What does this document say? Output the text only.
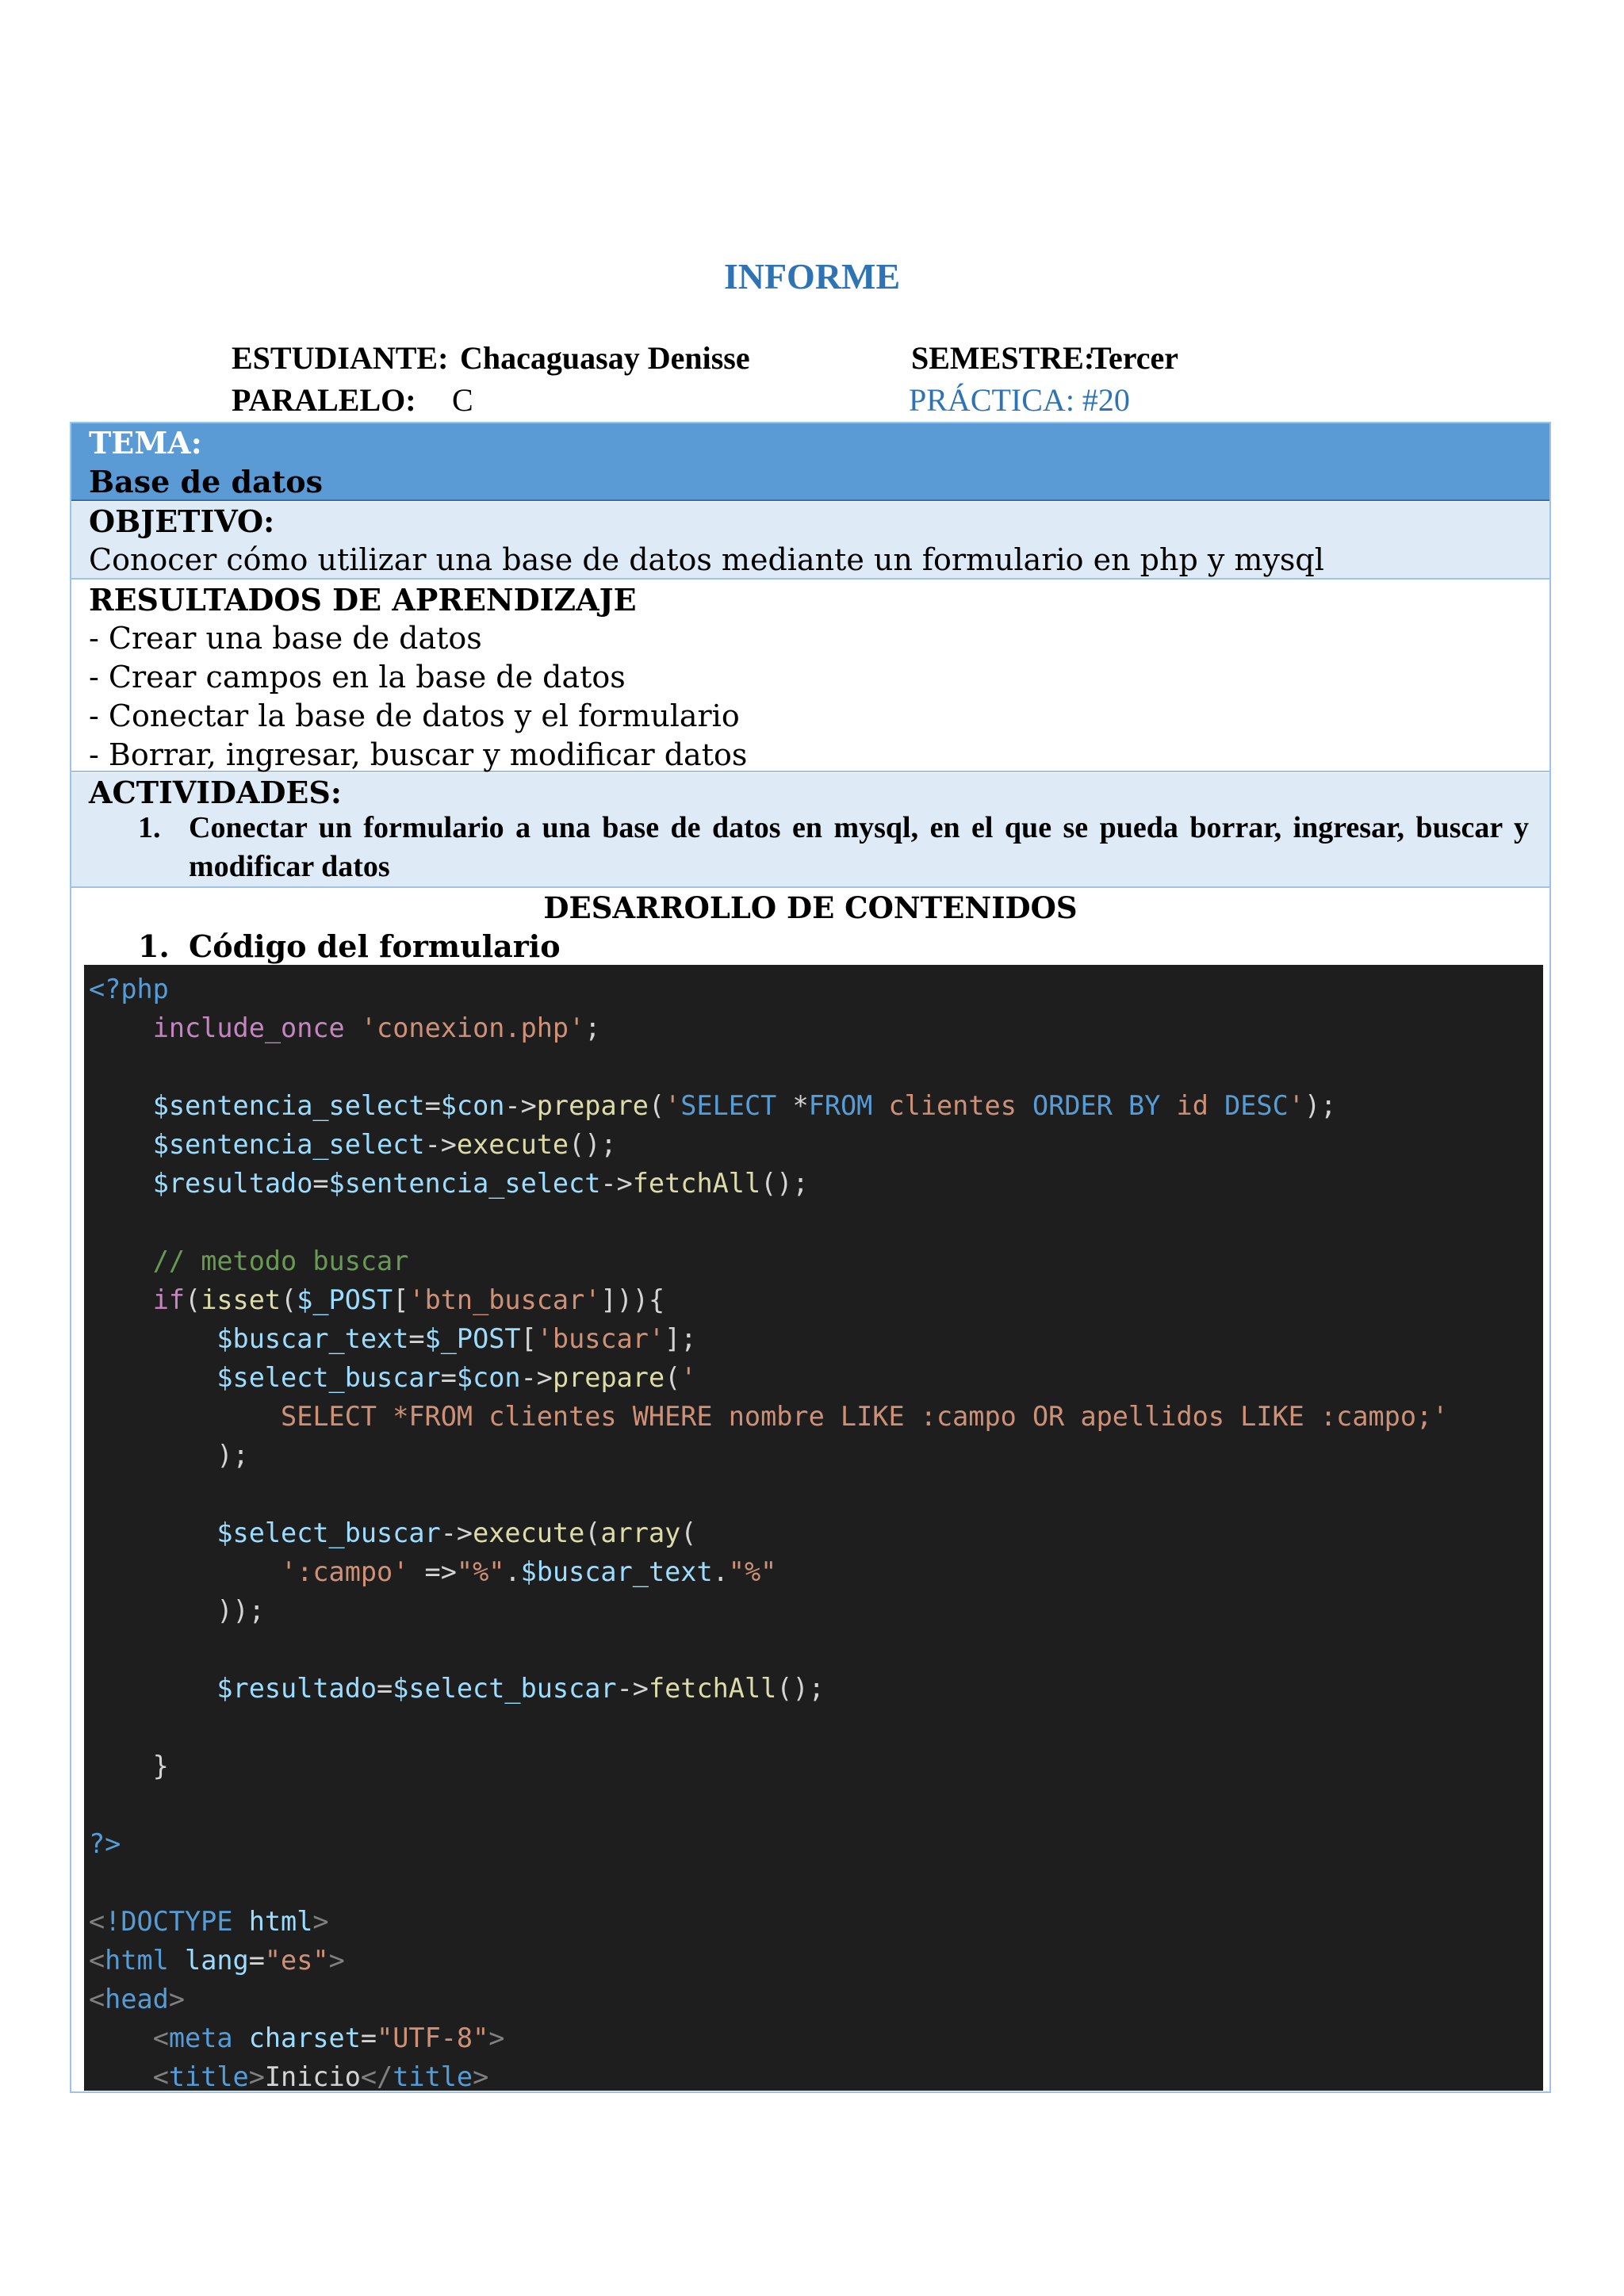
INFORME
ESTUDIANTE: Chacaguasay Denisse	SEMESTRE:
Tercer
PARALELO: C	PRÁCTICA: #20
TEMA:
Base de datos
OBJETIVO:
Conocer cómo utilizar una base de datos mediante un formulario en php y mysql
RESULTADOS DE APRENDIZAJE
- Crear una base de datos
- Crear campos en la base de datos
- Conectar la base de datos y el formulario
- Borrar, ingresar, buscar y modificar datos
ACTIVIDADES:
1. Conectar un formulario a una base de datos en mysql, en el que se pueda borrar, ingresar, buscar y modificar datos
DESARROLLO DE CONTENIDOS
1. Código del formulario
<?php
include_once 'conexion.php';
$sentencia_select=$con->prepare('SELECT *FROM clientes ORDER BY id DESC');
$sentencia_select->execute();
$resultado=$sentencia_select->fetchAll();
// metodo buscar
if(isset($_POST['btn_buscar'])){
$buscar_text=$_POST['buscar'];
$select_buscar=$con->prepare('
SELECT *FROM clientes WHERE nombre LIKE :campo OR apellidos LIKE :campo;'
);
$select_buscar->execute(array(
':campo' =>"%".$buscar_text."%"
));
$resultado=$select_buscar->fetchAll();
}
?>
<!DOCTYPE html>
<html lang="es">
<head>
<meta charset="UTF-8">
<title>Inicio</title>
